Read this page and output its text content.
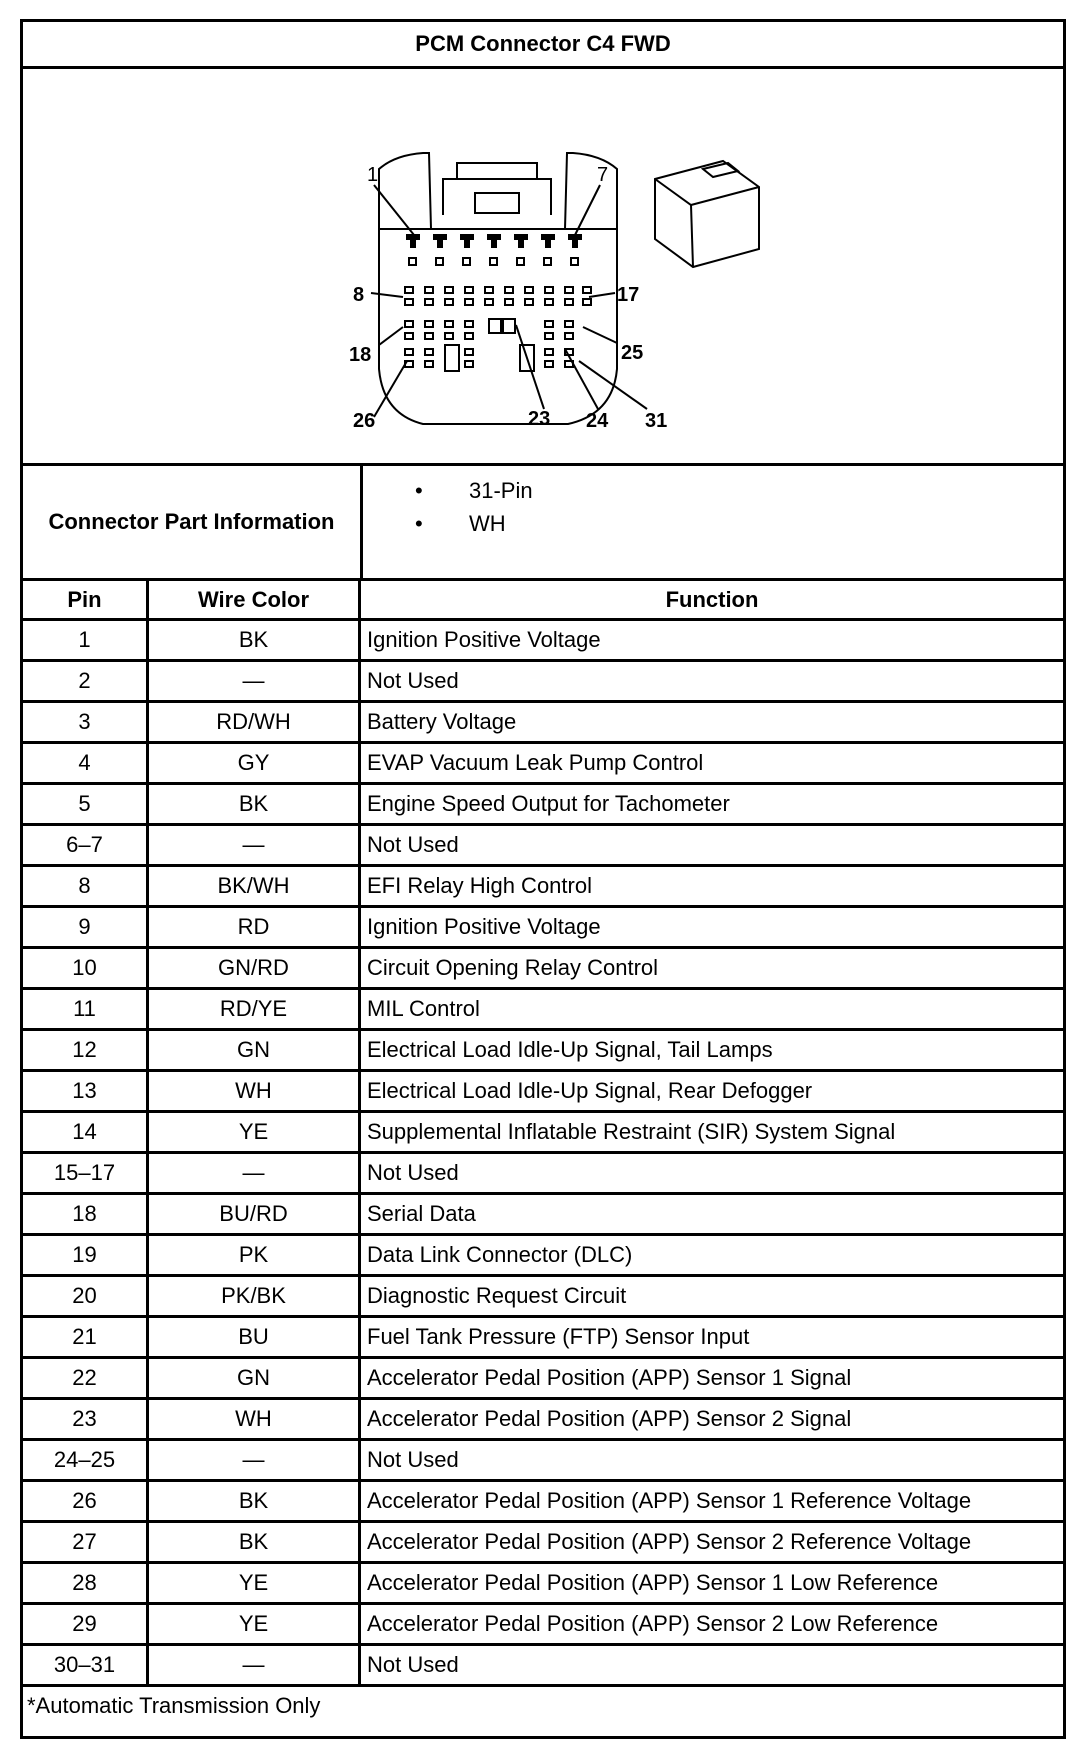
PCM Connector C4 FWD
1	7
8	17
18	25
26	23 24 31
Connector Part Information
• 31-Pin
• WH
Pin	Wire Color	Function
1	BK	Ignition Positive Voltage
2	—	Not Used
3	RD/WH	Battery Voltage
4	GY	EVAP Vacuum Leak Pump Control
5	BK	Engine Speed Output for Tachometer
6–7	—	Not Used
8	BK/WH	EFI Relay High Control
9	RD	Ignition Positive Voltage
10	GN/RD	Circuit Opening Relay Control
11	RD/YE	MIL Control
12	GN	Electrical Load Idle-Up Signal, Tail Lamps
13	WH	Electrical Load Idle-Up Signal, Rear Defogger
14	YE	Supplemental Inflatable Restraint (SIR) System Signal
15–17	—	Not Used
18	BU/RD	Serial Data
19	PK	Data Link Connector (DLC)
20	PK/BK	Diagnostic Request Circuit
21	BU	Fuel Tank Pressure (FTP) Sensor Input
22	GN	Accelerator Pedal Position (APP) Sensor 1 Signal
23	WH	Accelerator Pedal Position (APP) Sensor 2 Signal
24–25	—	Not Used
26	BK	Accelerator Pedal Position (APP) Sensor 1 Reference Voltage
27	BK	Accelerator Pedal Position (APP) Sensor 2 Reference Voltage
28	YE	Accelerator Pedal Position (APP) Sensor 1 Low Reference
29	YE	Accelerator Pedal Position (APP) Sensor 2 Low Reference
30–31	—	Not Used
*Automatic Transmission Only
